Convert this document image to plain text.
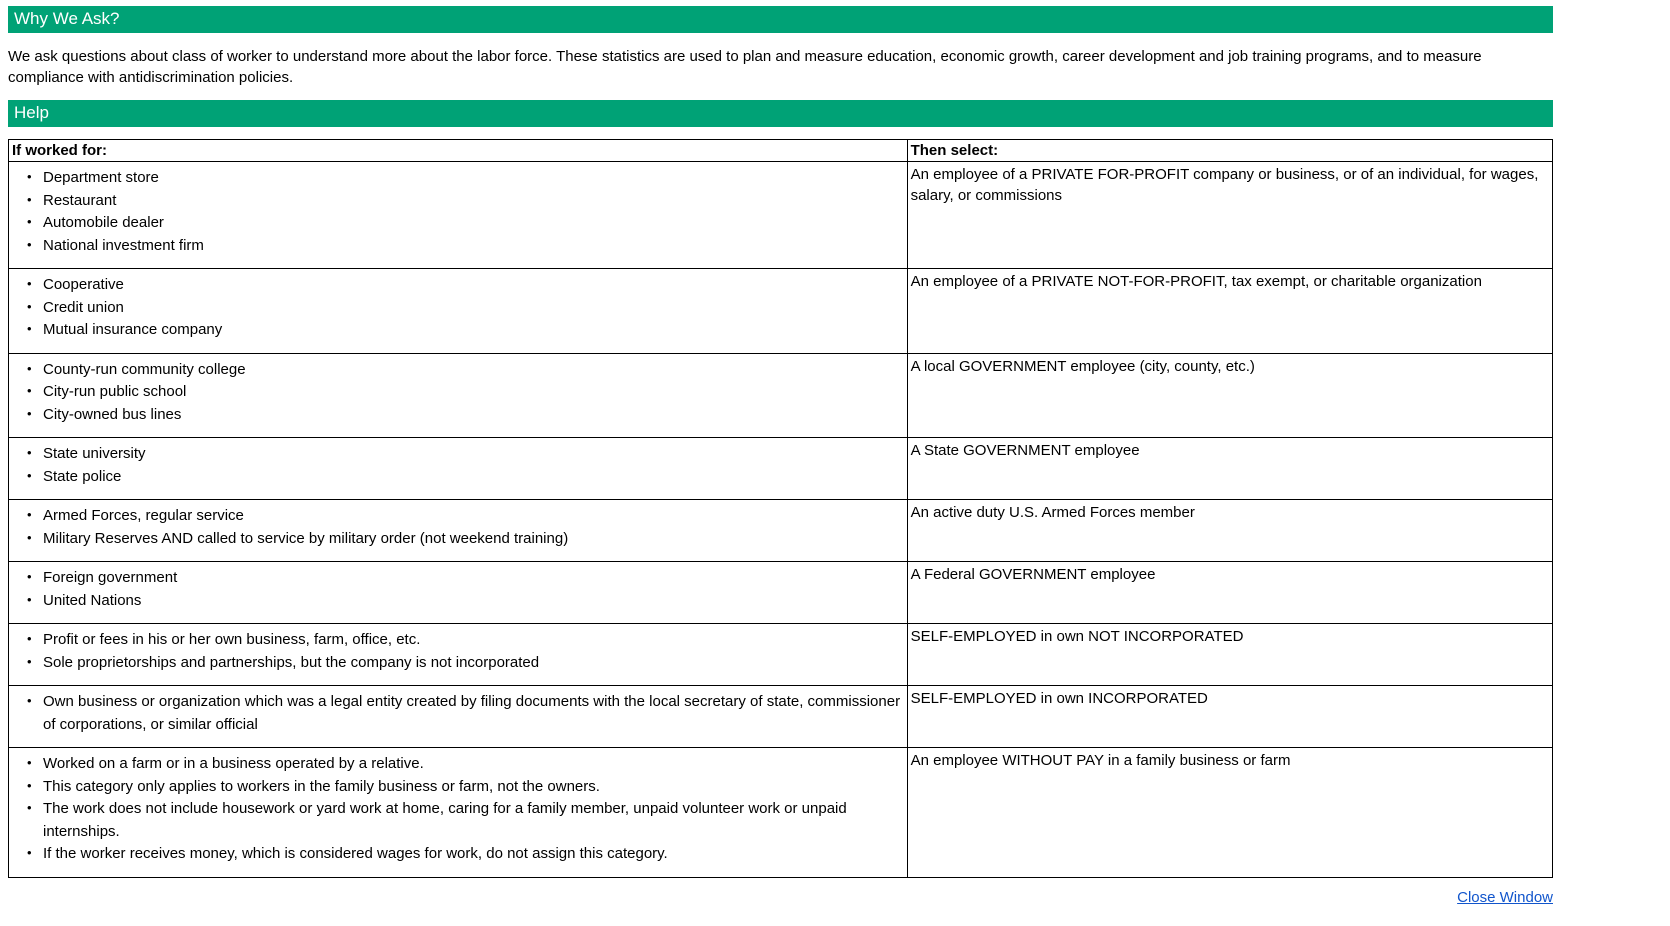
Why We Ask?

We ask questions about class of worker to understand more about the labor force. These statistics are used to plan and measure education, economic growth, career development and job training programs, and to measure compliance with antidiscrimination policies.

Help
If worked for:	Then select:

• Department store
• Restaurant
• Automobile dealer
• National investment firm
	An employee of a PRIVATE FOR-PROFIT company or business, or of an individual, for wages, salary, or commissions

• Cooperative
• Credit union
• Mutual insurance company
	An employee of a PRIVATE NOT-FOR-PROFIT, tax exempt, or charitable organization

• County-run community college
• City-run public school
• City-owned bus lines
	A local GOVERNMENT employee (city, county, etc.)

• State university
• State police
	A State GOVERNMENT employee

• Armed Forces, regular service
• Military Reserves AND called to service by military order (not weekend training)
	An active duty U.S. Armed Forces member

• Foreign government
• United Nations
	A Federal GOVERNMENT employee

• Profit or fees in his or her own business, farm, office, etc.
• Sole proprietorships and partnerships, but the company is not incorporated
	SELF-EMPLOYED in own NOT INCORPORATED

• Own business or organization which was a legal entity created by filing documents with the local secretary of state, commissioner of corporations, or similar official
	SELF-EMPLOYED in own INCORPORATED

• Worked on a farm or in a business operated by a relative.
• This category only applies to workers in the family business or farm, not the owners.
• The work does not include housework or yard work at home, caring for a family member, unpaid volunteer work or unpaid internships.
• If the worker receives money, which is considered wages for work, do not assign this category.
	An employee WITHOUT PAY in a family business or farm
Close Window
